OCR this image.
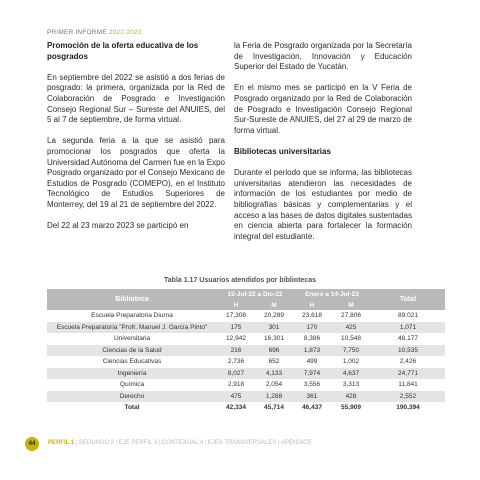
PRIMER INFORME 2022-2023
Promoción de la oferta educativa de los posgrados

En septiembre del 2022 se asistió a dos ferias de posgrado: la primera, organizada por la Red de Colaboración de Posgrado e Investigación Consejo Regional Sur – Sureste del ANUIES, del 5 al 7 de septiembre, de forma virtual.

La segunda feria a la que se asistió para promocionar los posgrados que oferta la Universidad Autónoma del Carmen fue en la Expo Posgrado organizado por el Consejo Mexicano de Estudios de Posgrado (COMEPO), en el Instituto Tecnológico de Estudios Superiores de Monterrey, del 19 al 21 de septiembre del 2022.

Del 22 al 23 marzo 2023 se participó en

la Feria de Posgrado organizada por la Secretaría de Investigación, Innovación y Educación Superior del Estado de Yucatán.

En el mismo mes se participó en la V Feria de Posgrado organizado por la Red de Colaboración de Posgrado e Investigación Consejo Regional Sur-Sureste de ANUIES, del 27 al 29 de marzo de forma virtual.

Bibliotecas universitarias

Durante el periodo que se informa, las bibliotecas universitarias atendieron las necesidades de información de los estudiantes por medio de bibliografías básicas y complementarias y el acceso a las bases de datos digitales sustentadas en ciencia abierta para fortalecer la formación integral del estudiante.

Tabla 1.17 Usuarios atendidos por bibliotecas
Biblioteca	15-Jul-22 a Dic-22		Enero a 14-Jul-23		Total
	H	M	H	M	
Escuela Preparatoria Diurna	17,308	20,289	23,618	27,806	89,021
Escuela Preparatoria "Profr. Manuel J. García Pinto"	175	301	170	425	1,071
Universitaria	12,942	16,301	8,386	10,548	48,177
Ciencias de la Salud	216	696	1,873	7,750	10,535
Ciencias Educativas	2,736	652	499	1,002	2,426
Ingeniería	8,027	4,133	7,974	4,637	24,771
Química	2,918	2,054	3,556	3,313	11,841
Derecho	475	1,288	361	428	2,552
Total	42,334	45,714	46,437	55,909	190,394
44	PERFIL 1 | SEGUNDO 2 | EJE PERFIL 3 | CONTEXUAL 4 | EJES TRANSVERSALES | APÉNDICE
